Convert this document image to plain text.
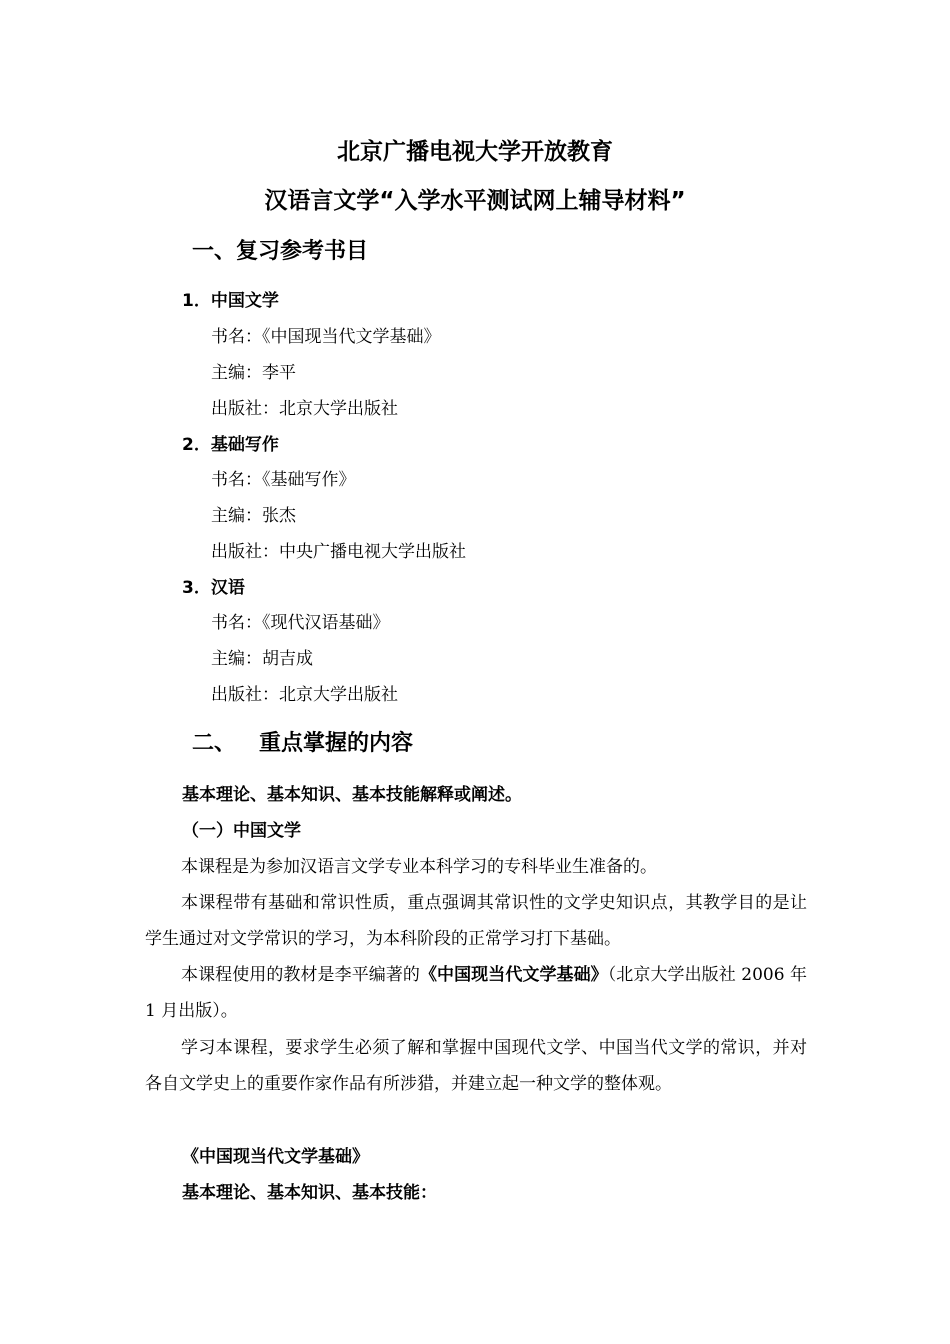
北京广播电视大学开放教育
汉语言文学“入学水平测试网上辅导材料”
一、复习参考书目
1．中国文学
书名：《中国现当代文学基础》
主编：李平
出版社：北京大学出版社
2．基础写作
书名：《基础写作》
主编：张杰
出版社：中央广播电视大学出版社
3．汉语
书名：《现代汉语基础》
主编：胡吉成
出版社：北京大学出版社
二、   重点掌握的内容
基本理论、基本知识、基本技能解释或阐述。
（一）中国文学
本课程是为参加汉语言文学专业本科学习的专科毕业生准备的。
本课程带有基础和常识性质，重点强调其常识性的文学史知识点，其教学目的是让学生通过对文学常识的学习，为本科阶段的正常学习打下基础。
本课程使用的教材是李平编著的《中国现当代文学基础》（北京大学出版社 2006 年 1 月出版）。
学习本课程，要求学生必须了解和掌握中国现代文学、中国当代文学的常识，并对各自文学史上的重要作家作品有所涉猎，并建立起一种文学的整体观。
《中国现当代文学基础》
基本理论、基本知识、基本技能：
